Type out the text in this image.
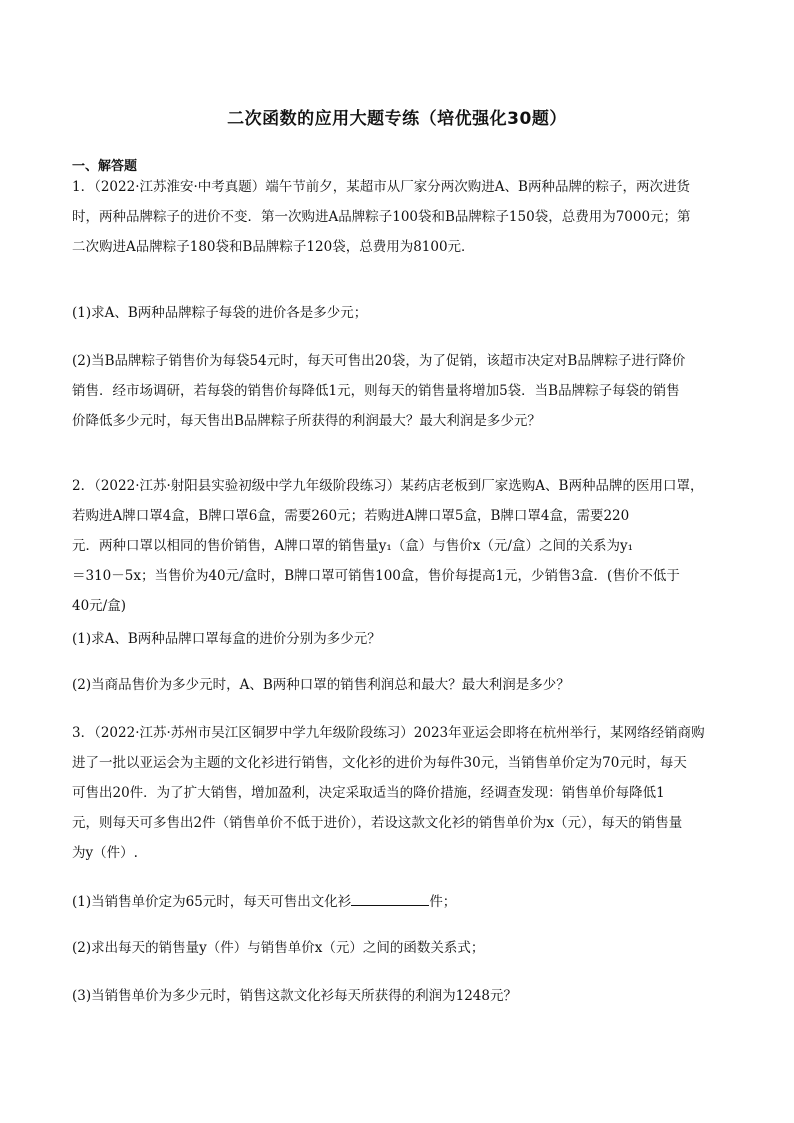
二次函数的应用大题专练（培优强化30题）
一、解答题
1．（2022·江苏淮安·中考真题）端午节前夕，某超市从厂家分两次购进A、B两种品牌的粽子，两次进货
时，两种品牌粽子的进价不变．第一次购进A品牌粽子100袋和B品牌粽子150袋，总费用为7000元；第
二次购进A品牌粽子180袋和B品牌粽子120袋，总费用为8100元．
(1)求A、B两种品牌粽子每袋的进价各是多少元；
(2)当B品牌粽子销售价为每袋54元时，每天可售出20袋，为了促销，该超市决定对B品牌粽子进行降价
销售．经市场调研，若每袋的销售价每降低1元，则每天的销售量将增加5袋．当B品牌粽子每袋的销售
价降低多少元时，每天售出B品牌粽子所获得的利润最大？最大利润是多少元？
2．（2022·江苏·射阳县实验初级中学九年级阶段练习）某药店老板到厂家选购A、B两种品牌的医用口罩，
若购进A牌口罩4盒，B牌口罩6盒，需要260元；若购进A牌口罩5盒，B牌口罩4盒，需要220
元．两种口罩以相同的售价销售，A牌口罩的销售量y₁（盒）与售价x（元/盒）之间的关系为y₁
＝310－5x；当售价为40元/盒时，B牌口罩可销售100盒，售价每提高1元，少销售3盒．(售价不低于
40元/盒)
(1)求A、B两种品牌口罩每盒的进价分别为多少元？
(2)当商品售价为多少元时，A、B两种口罩的销售利润总和最大？最大利润是多少？
3．（2022·江苏·苏州市吴江区铜罗中学九年级阶段练习）2023年亚运会即将在杭州举行，某网络经销商购
进了一批以亚运会为主题的文化衫进行销售，文化衫的进价为每件30元，当销售单价定为70元时，每天
可售出20件．为了扩大销售，增加盈利，决定采取适当的降价措施，经调查发现：销售单价每降低1
元，则每天可多售出2件（销售单价不低于进价），若设这款文化衫的销售单价为x（元），每天的销售量
为y（件）.
(1)当销售单价定为65元时，每天可售出文化衫	件；
(2)求出每天的销售量y（件）与销售单价x（元）之间的函数关系式；
(3)当销售单价为多少元时，销售这款文化衫每天所获得的利润为1248元？
